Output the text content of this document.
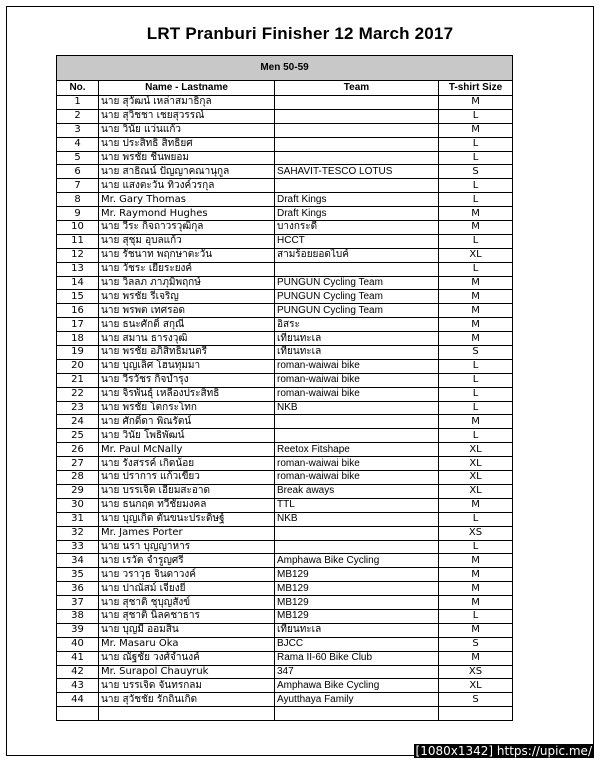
LRT Pranburi Finisher 12 March 2017
Men 50-59			
No.	Name - Lastname	Team	T-shirt Size
1	นาย สุวัฒน์ เหล่าสมาธิกุล		M
2	นาย สุวิชชา เชยสุวรรณ์		L
3	นาย วินัย แว่นแก้ว		M
4	นาย ประสิทธิ์ สิทธิยศ		L
5	นาย พรชัย ชื่นพยอม		L
6	นาย สาธิณน์ ปัญญาคณานุกูล	SAHAVIT-TESCO LOTUS	S
7	นาย แสงตะวัน ทิวงค์วรกุล		L
8	Mr. Gary Thomas	Draft Kings	L
9	Mr. Raymond Hughes	Draft Kings	M
10	นาย วีระ กิจถาวรวุฒิกุล	บางกระดี่	M
11	นาย สุชุม อุบลแก้ว	HCCT	L
12	นาย รัชนาท พฤกษาตะวัน	สามร้อยยอดไบค์	XL
13	นาย วัชระ เยียระยงค์		L
14	นาย วิลลภ ภาภุมิพฤกษ์	PUNGUN Cycling Team	M
15	นาย พรชัย รีเจริญ	PUNGUN Cycling Team	M
16	นาย พรพต เทศรอด	PUNGUN Cycling Team	M
17	นาย ธนะศักดิ์ สกุณี	อิสระ	M
18	นาย สมาน ธารงวุฒิ	เทียนทะเล	M
19	นาย พรชัย อภิสิทธิ์มนตรี	เทียนทะเล	S
20	นาย บุญเลิศ โฮนทุมมา	roman-waiwai bike	L
21	นาย วีรวัชร กิจบำรุง	roman-waiwai bike	L
22	นาย จิรพันธุ์ เหลืองประสิทธิ์	roman-waiwai bike	L
23	นาย พรชัย โตกระโทก	NKB	L
24	นาย ศักดิ์ดา พิณรัตน์		M
25	นาย วินัย โพธิพัฒน์		L
26	Mr. Paul McNally	Reetox Fitshape	XL
27	นาย รังสรรค์ เกิดน้อย	roman-waiwai bike	XL
28	นาย ปราการ แก้วเขียว	roman-waiwai bike	XL
29	นาย บรรเจิด เอี่ยมสะอาด	Break aways	XL
30	นาย ธนกฤต ทวีชัยมงคล	TTL	M
31	นาย บุญเกิด ตันขนะประดิษฐ์	NKB	L
32	Mr. James Porter		XS
33	นาย นรา บุญญาหาร		L
34	นาย เรวัต จำรูญศรี	Amphawa Bike Cycling	M
35	นาย วราวุธ จินดาวงค์	MB129	M
36	นาย ปาณัสม์ เจียงยี่	MB129	M
37	นาย สุชาติ ชุบุญสังข์	MB129	M
38	นาย สุชาติ นิลคชาธาร	MB129	L
39	นาย บุญมี ออมสิน	เทียนทะเล	M
40	Mr. Masaru Oka	BJCC	S
41	นาย ณัฐชัย วงศ์จำนงค์	Rama II-60 Bike Club	M
42	Mr. Surapol Chauyruk	347	XS
43	นาย บรรเจิด จันทรกลม	Amphawa Bike Cycling	XL
44	นาย สุวัชชัย รักถิ่นเกิด	Ayutthaya Family	S

[1080x1342] https://upic.me/
